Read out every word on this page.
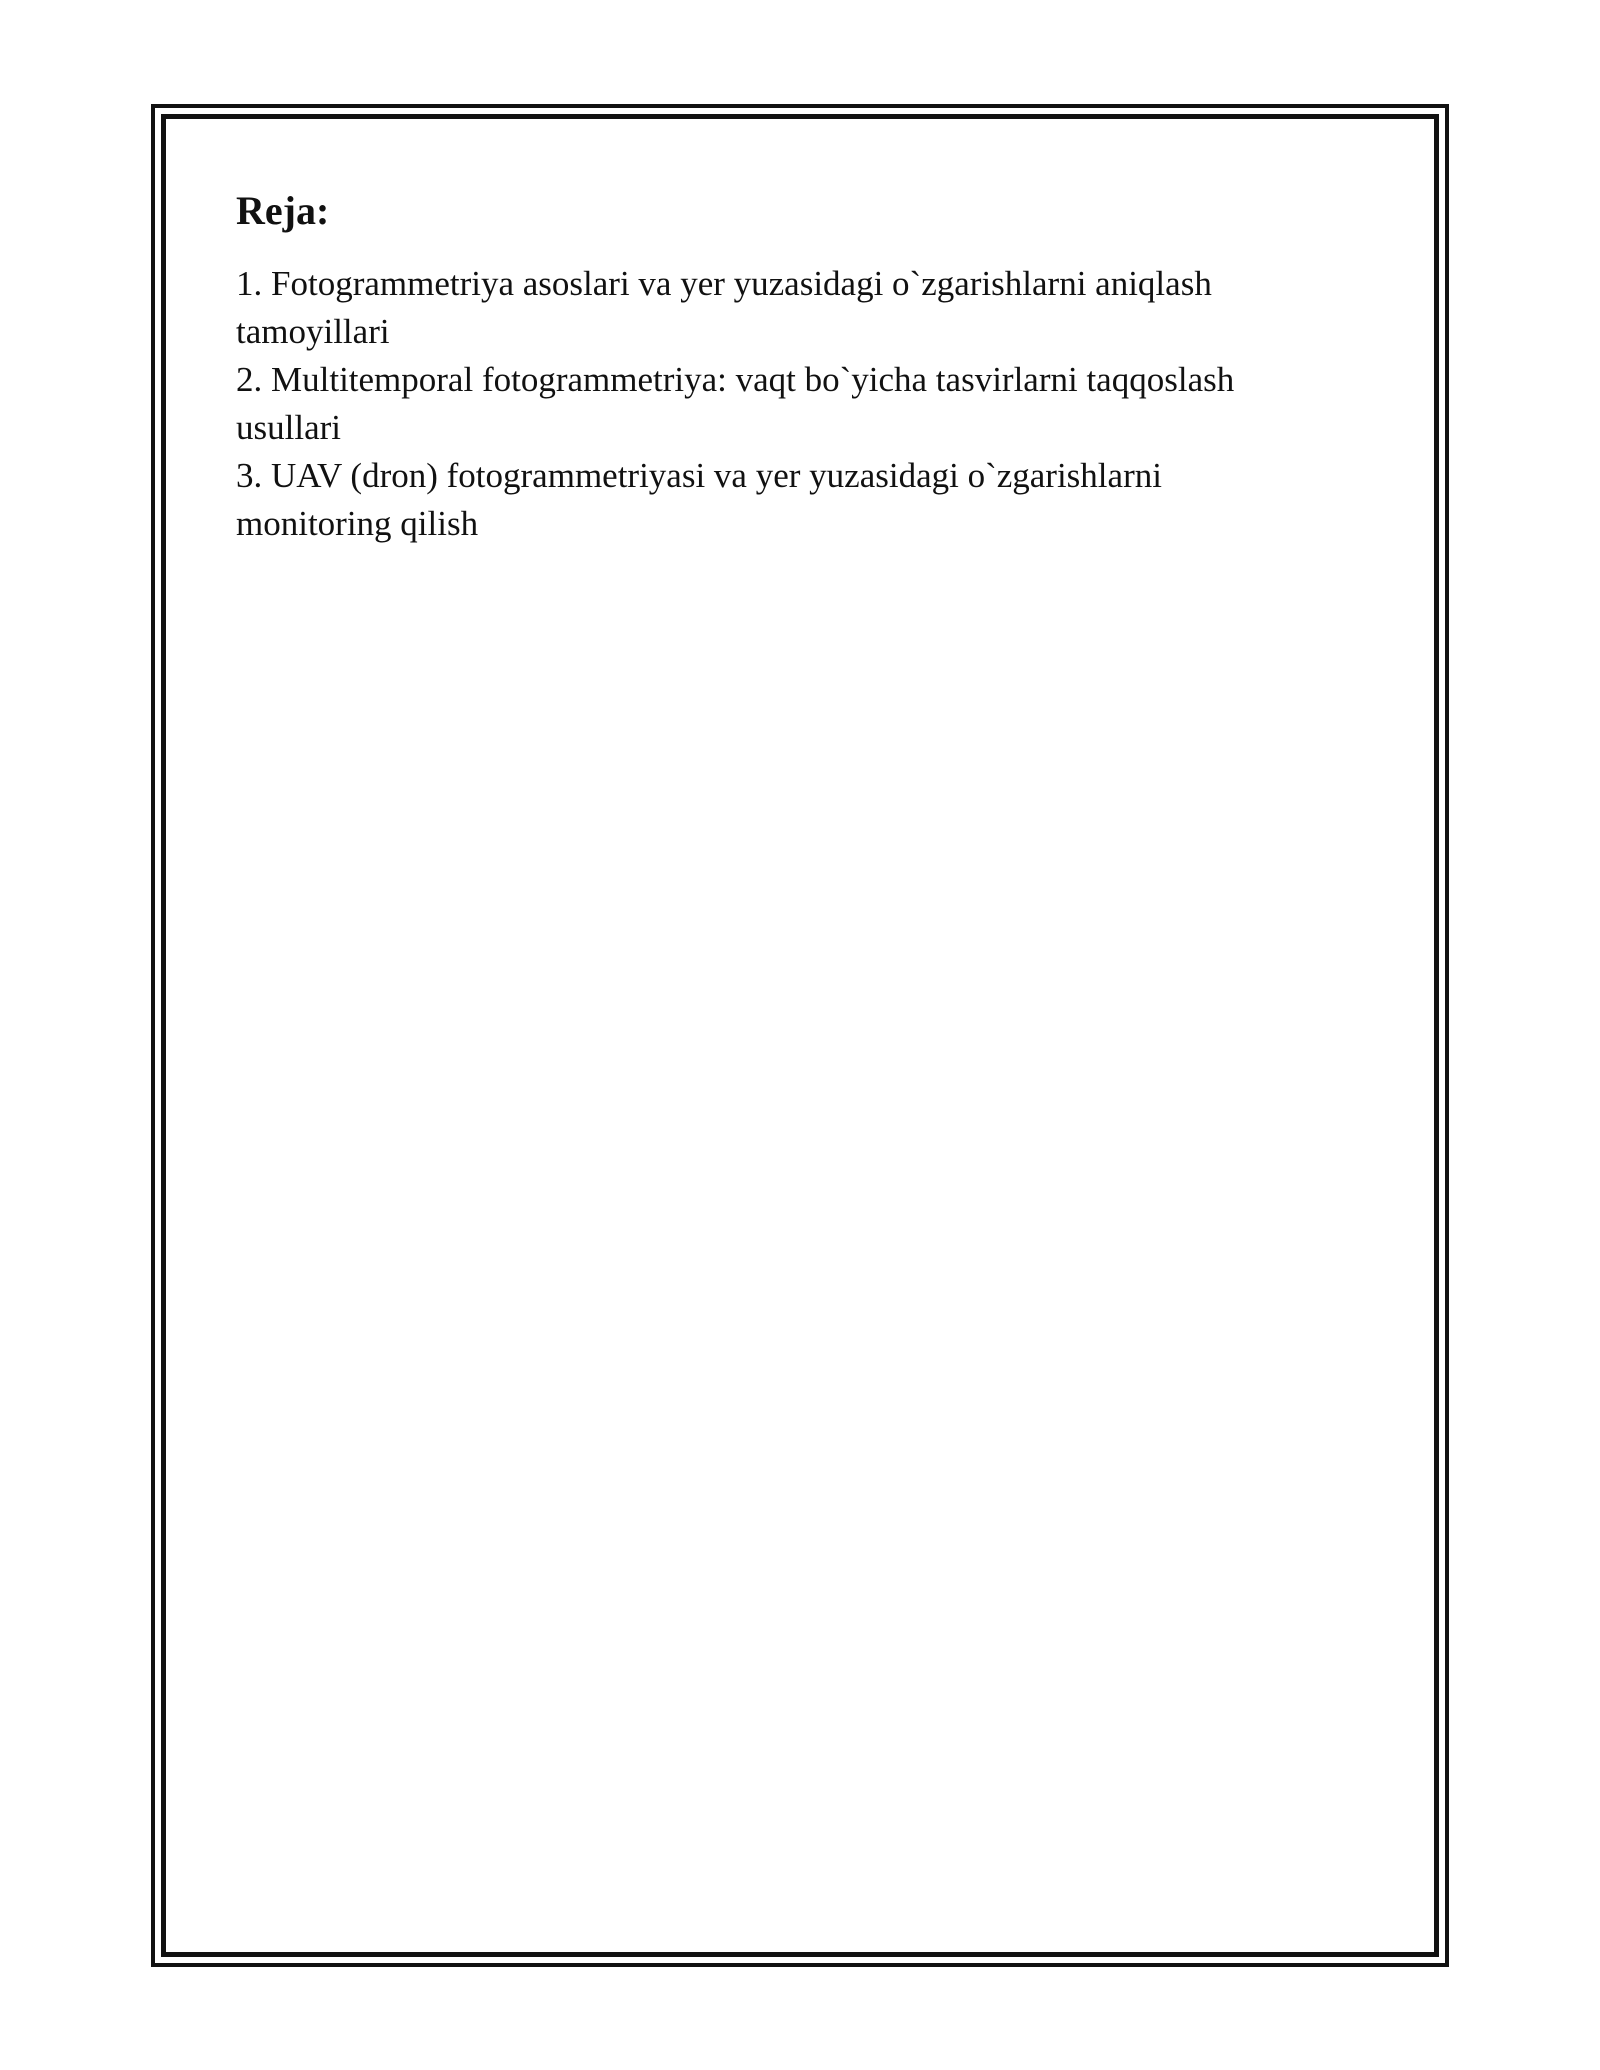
Reja:
1. Fotogrammetriya asoslari va yer yuzasidagi o`zgarishlarni aniqlash tamoyillari
2. Multitemporal fotogrammetriya: vaqt bo`yicha tasvirlarni taqqoslash usullari
3. UAV (dron) fotogrammetriyasi va yer yuzasidagi o`zgarishlarni monitoring qilish
